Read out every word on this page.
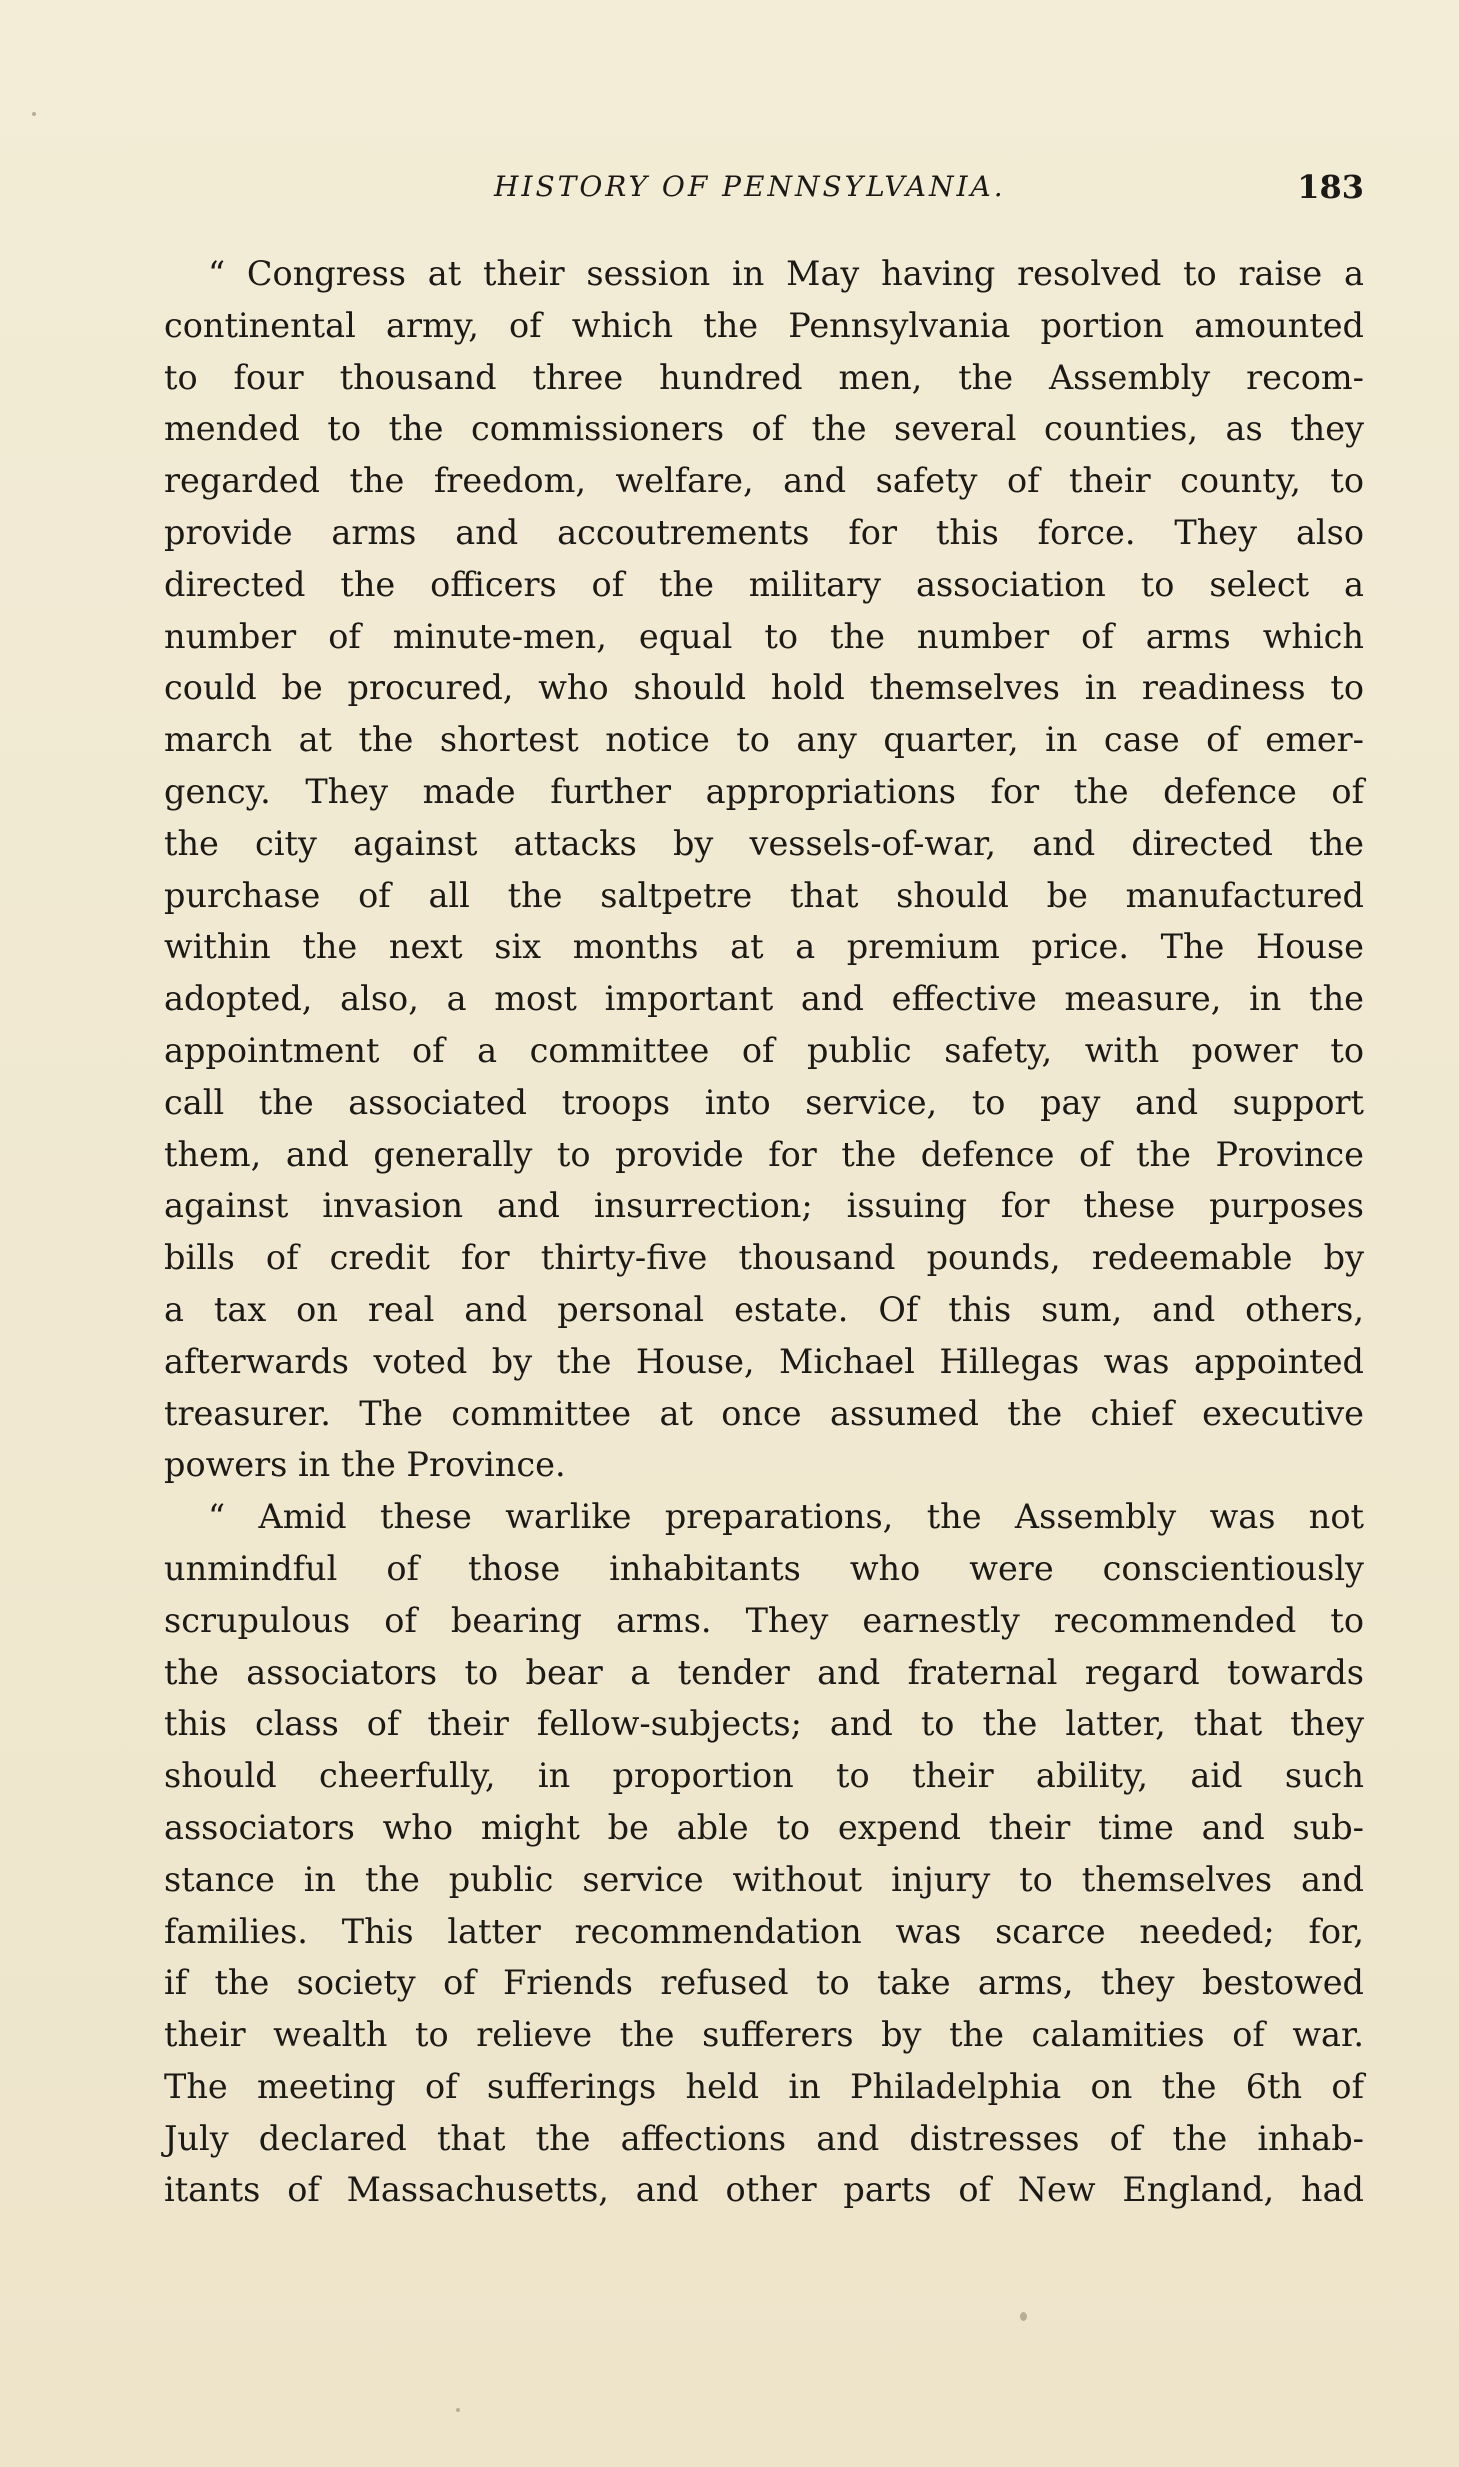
HISTORY OF PENNSYLVANIA.	183
“ Congress at their session in May having resolved to raise a
continental army, of which the Pennsylvania portion amounted
to four thousand three hundred men, the Assembly recom-
mended to the commissioners of the several counties, as they
regarded the freedom, welfare, and safety of their county, to
provide arms and accoutrements for this force. They also
directed the officers of the military association to select a
number of minute-men, equal to the number of arms which
could be procured, who should hold themselves in readiness to
march at the shortest notice to any quarter, in case of emer-
gency. They made further appropriations for the defence of
the city against attacks by vessels-of-war, and directed the
purchase of all the saltpetre that should be manufactured
within the next six months at a premium price. The House
adopted, also, a most important and effective measure, in the
appointment of a committee of public safety, with power to
call the associated troops into service, to pay and support
them, and generally to provide for the defence of the Province
against invasion and insurrection; issuing for these purposes
bills of credit for thirty-five thousand pounds, redeemable by
a tax on real and personal estate. Of this sum, and others,
afterwards voted by the House, Michael Hillegas was appointed
treasurer. The committee at once assumed the chief executive
powers in the Province.
“ Amid these warlike preparations, the Assembly was not
unmindful of those inhabitants who were conscientiously
scrupulous of bearing arms. They earnestly recommended to
the associators to bear a tender and fraternal regard towards
this class of their fellow-subjects; and to the latter, that they
should cheerfully, in proportion to their ability, aid such
associators who might be able to expend their time and sub-
stance in the public service without injury to themselves and
families. This latter recommendation was scarce needed; for,
if the society of Friends refused to take arms, they bestowed
their wealth to relieve the sufferers by the calamities of war.
The meeting of sufferings held in Philadelphia on the 6th of
July declared that the affections and distresses of the inhab-
itants of Massachusetts, and other parts of New England, had
